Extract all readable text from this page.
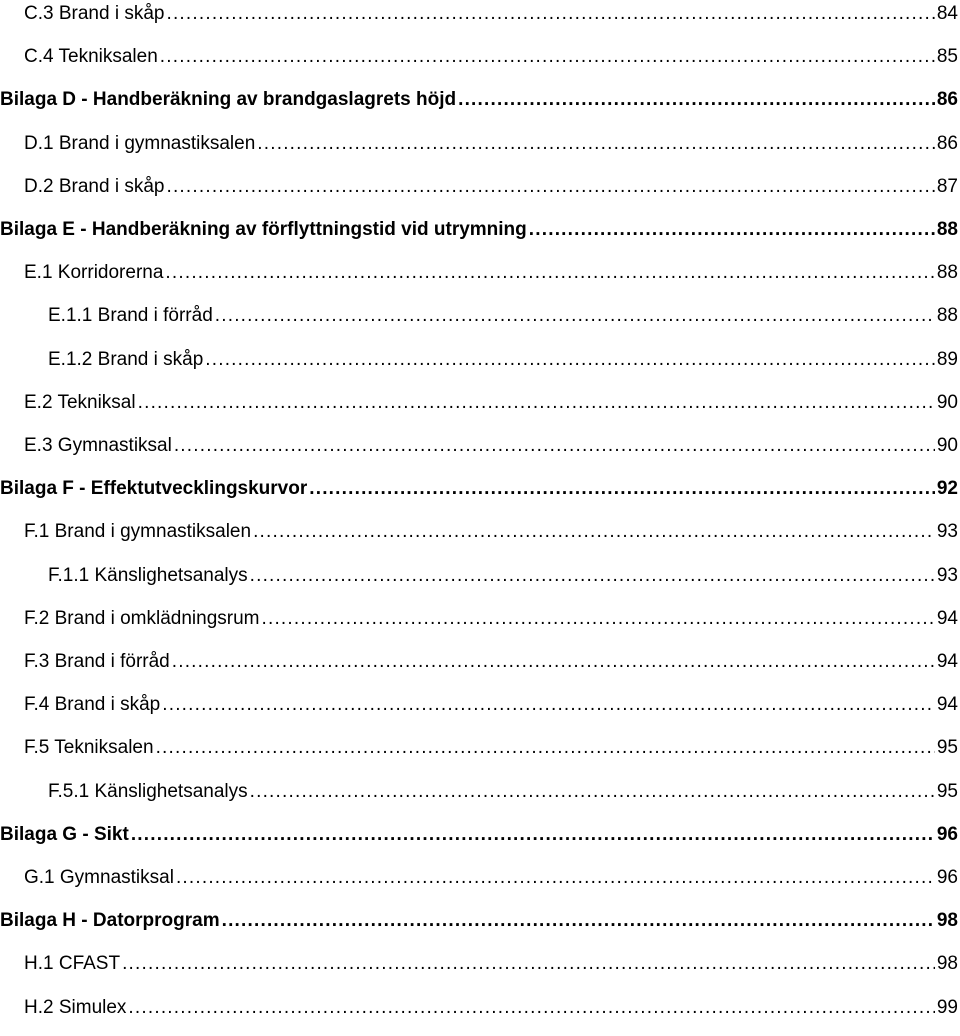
C.3 Brand i skåp .....	84
C.4 Tekniksalen .....	85
Bilaga D - Handberäkning av brandgaslagrets höjd .....	86
D.1 Brand i gymnastiksalen .....	86
D.2 Brand i skåp .....	87
Bilaga E - Handberäkning av förflyttningstid vid utrymning .....	88
E.1 Korridorerna .....	88
E.1.1 Brand i förråd .....	88
E.1.2 Brand i skåp .....	89
E.2 Tekniksal .....	90
E.3 Gymnastiksal .....	90
Bilaga F - Effektutvecklingskurvor .....	92
F.1 Brand i gymnastiksalen .....	93
F.1.1 Känslighetsanalys .....	93
F.2 Brand i omklädningsrum .....	94
F.3 Brand i förråd .....	94
F.4 Brand i skåp .....	94
F.5 Tekniksalen .....	95
F.5.1 Känslighetsanalys .....	95
Bilaga G - Sikt .....	96
G.1 Gymnastiksal .....	96
Bilaga H - Datorprogram .....	98
H.1 CFAST .....	98
H.2 Simulex .....	99
